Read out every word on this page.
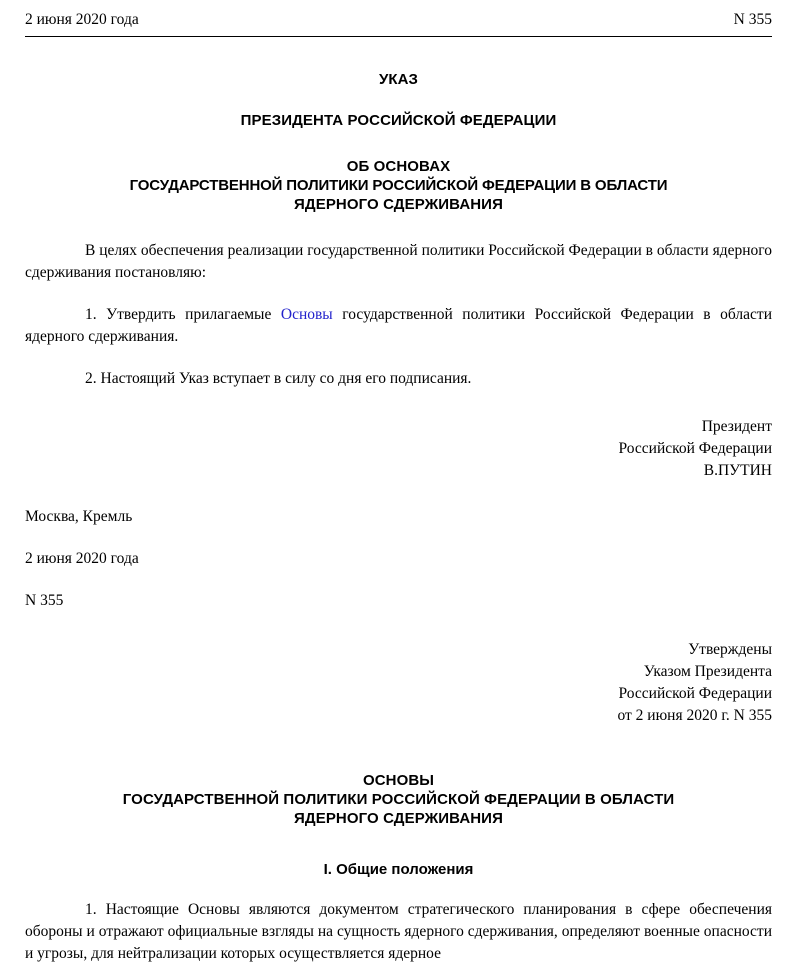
2 июня 2020 года	N 355
УКАЗ
ПРЕЗИДЕНТА РОССИЙСКОЙ ФЕДЕРАЦИИ
ОБ ОСНОВАХ
ГОСУДАРСТВЕННОЙ ПОЛИТИКИ РОССИЙСКОЙ ФЕДЕРАЦИИ В ОБЛАСТИ
ЯДЕРНОГО СДЕРЖИВАНИЯ

В целях обеспечения реализации государственной политики Российской Федерации в области ядерного сдерживания постановляю:

1. Утвердить прилагаемые Основы государственной политики Российской Федерации в области ядерного сдерживания.

2. Настоящий Указ вступает в силу со дня его подписания.

Президент
Российской Федерации
В.ПУТИН
Москва, Кремль
2 июня 2020 года
N 355
Утверждены
Указом Президента
Российской Федерации
от 2 июня 2020 г. N 355
ОСНОВЫ
ГОСУДАРСТВЕННОЙ ПОЛИТИКИ РОССИЙСКОЙ ФЕДЕРАЦИИ В ОБЛАСТИ
ЯДЕРНОГО СДЕРЖИВАНИЯ
I. Общие положения

1. Настоящие Основы являются документом стратегического планирования в сфере обеспечения обороны и отражают официальные взгляды на сущность ядерного сдерживания, определяют военные опасности и угрозы, для нейтрализации которых осуществляется ядерное
